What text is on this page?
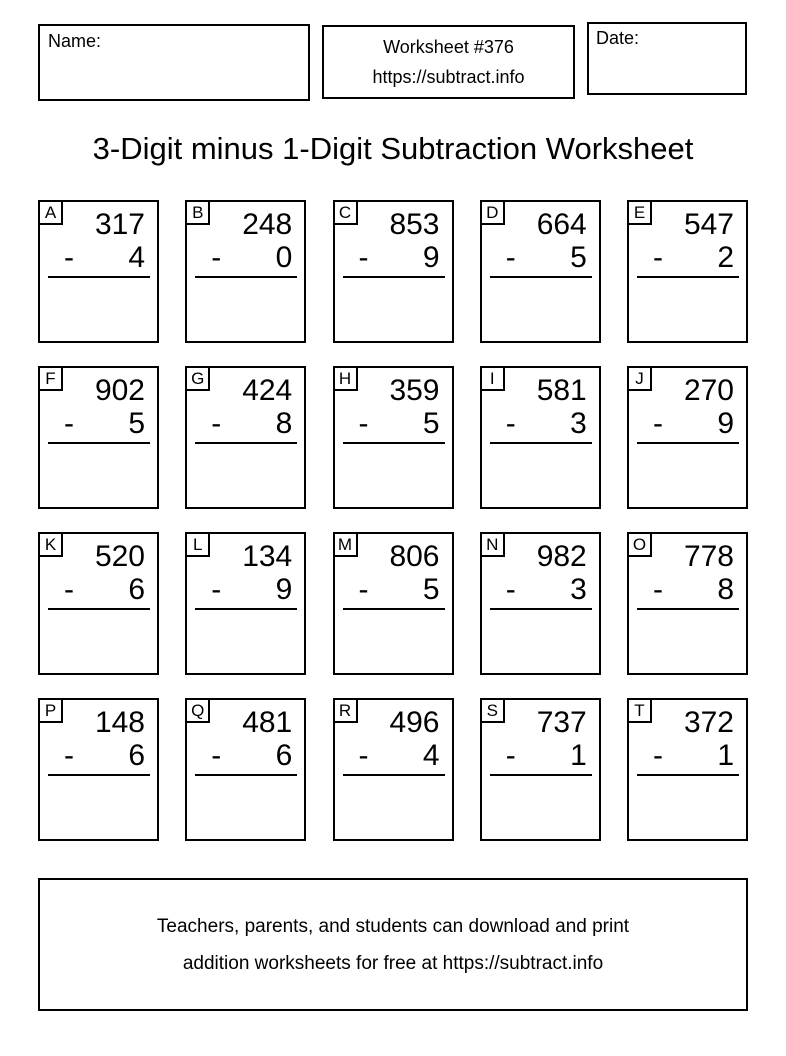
Name:	Worksheet #376
https://subtract.info
Date:
3-Digit minus 1-Digit Subtraction Worksheet
A 317
- 4
B 248
- 0
C 853
- 9
D 664
- 5
E 547
- 2
F 902
- 5
G 424
- 8
H 359
- 5
I 581
- 3
J 270
- 9
K 520
- 6
L 134
- 9
M 806
- 5
N 982
- 3
O 778
- 8
P 148
- 6
Q 481
- 6
R 496
- 4
S 737
- 1
T 372
- 1
Teachers, parents, and students can download and print
addition worksheets for free at https://subtract.info
